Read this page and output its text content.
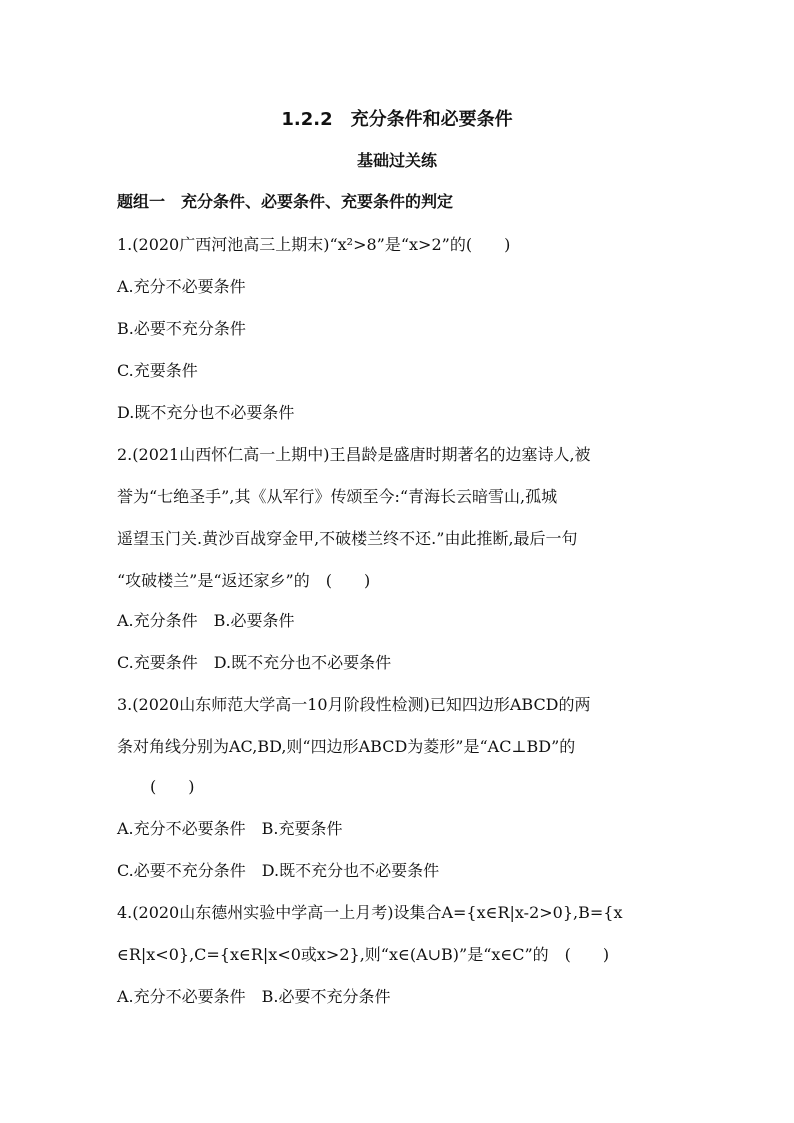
1.2.2　充分条件和必要条件
基础过关练
题组一　充分条件、必要条件、充要条件的判定
1.(2020广西河池高三上期末)“x²>8”是“x>2”的(　　)
A.充分不必要条件
B.必要不充分条件
C.充要条件
D.既不充分也不必要条件
2.(2021山西怀仁高一上期中)王昌龄是盛唐时期著名的边塞诗人,被
誉为“七绝圣手”,其《从军行》传颂至今:“青海长云暗雪山,孤城
遥望玉门关.黄沙百战穿金甲,不破楼兰终不还.”由此推断,最后一句
“攻破楼兰”是“返还家乡”的　(　　)
A.充分条件　B.必要条件
C.充要条件　D.既不充分也不必要条件
3.(2020山东师范大学高一10月阶段性检测)已知四边形ABCD的两
条对角线分别为AC,BD,则“四边形ABCD为菱形”是“AC⊥BD”的
(　　)
A.充分不必要条件　B.充要条件
C.必要不充分条件　D.既不充分也不必要条件
4.(2020山东德州实验中学高一上月考)设集合A={x∈R|x-2>0},B={x
∈R|x<0},C={x∈R|x<0或x>2},则“x∈(A∪B)”是“x∈C”的　(　　)
A.充分不必要条件　B.必要不充分条件
